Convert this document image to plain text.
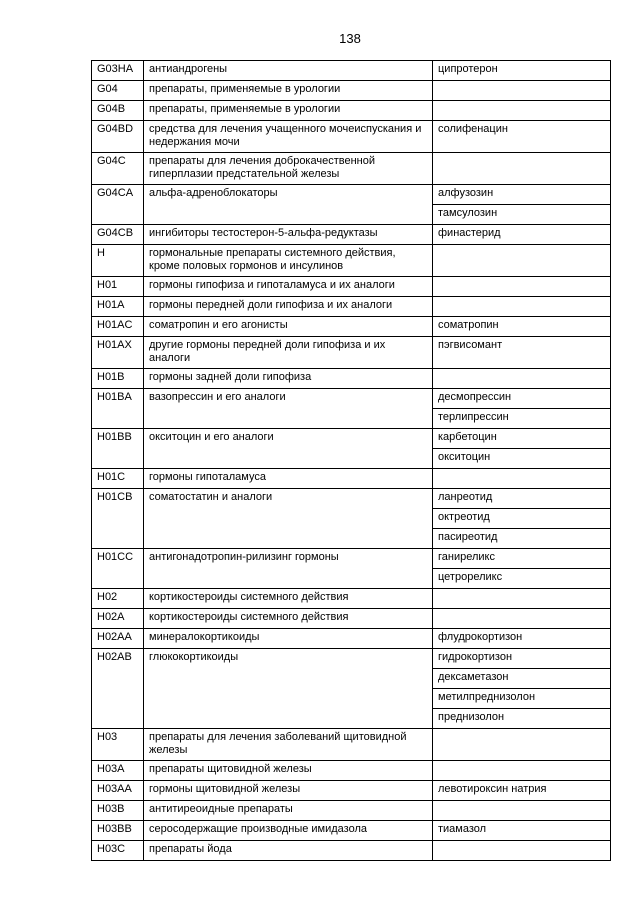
138
G03HA	антиандрогены	ципротерон
G04	препараты, применяемые в урологии	
G04B	препараты, применяемые в урологии	
G04BD	средства для лечения учащенного мочеиспускания и недержания мочи	солифенацин
G04C	препараты для лечения доброкачественной гиперплазии предстательной железы	
G04CA	альфа-адреноблокаторы	алфузозин
		тамсулозин
G04CB	ингибиторы тестостерон-5-альфа-редуктазы	финастерид
H	гормональные препараты системного действия, кроме половых гормонов и инсулинов	
H01	гормоны гипофиза и гипоталамуса и их аналоги	
H01A	гормоны передней доли гипофиза и их аналоги	
H01AC	соматропин и его агонисты	соматропин
H01AX	другие гормоны передней доли гипофиза и их аналоги	пэгвисомант
H01B	гормоны задней доли гипофиза	
H01BA	вазопрессин и его аналоги	десмопрессин
		терлипрессин
H01BB	окситоцин и его аналоги	карбетоцин
		окситоцин
H01C	гормоны гипоталамуса	
H01CB	соматостатин и аналоги	ланреотид
		октреотид
		пасиреотид
H01CC	антигонадотропин-рилизинг гормоны	ганиреликс
		цетрореликс
H02	кортикостероиды системного действия	
H02A	кортикостероиды системного действия	
H02AA	минералокортикоиды	флудрокортизон
H02AB	глюкокортикоиды	гидрокортизон
		дексаметазон
		метилпреднизолон
		преднизолон
H03	препараты для лечения заболеваний щитовидной железы	
H03A	препараты щитовидной железы	
H03AA	гормоны щитовидной железы	левотироксин натрия
H03B	антитиреоидные препараты	
H03BB	серосодержащие производные имидазола	тиамазол
H03C	препараты йода	
